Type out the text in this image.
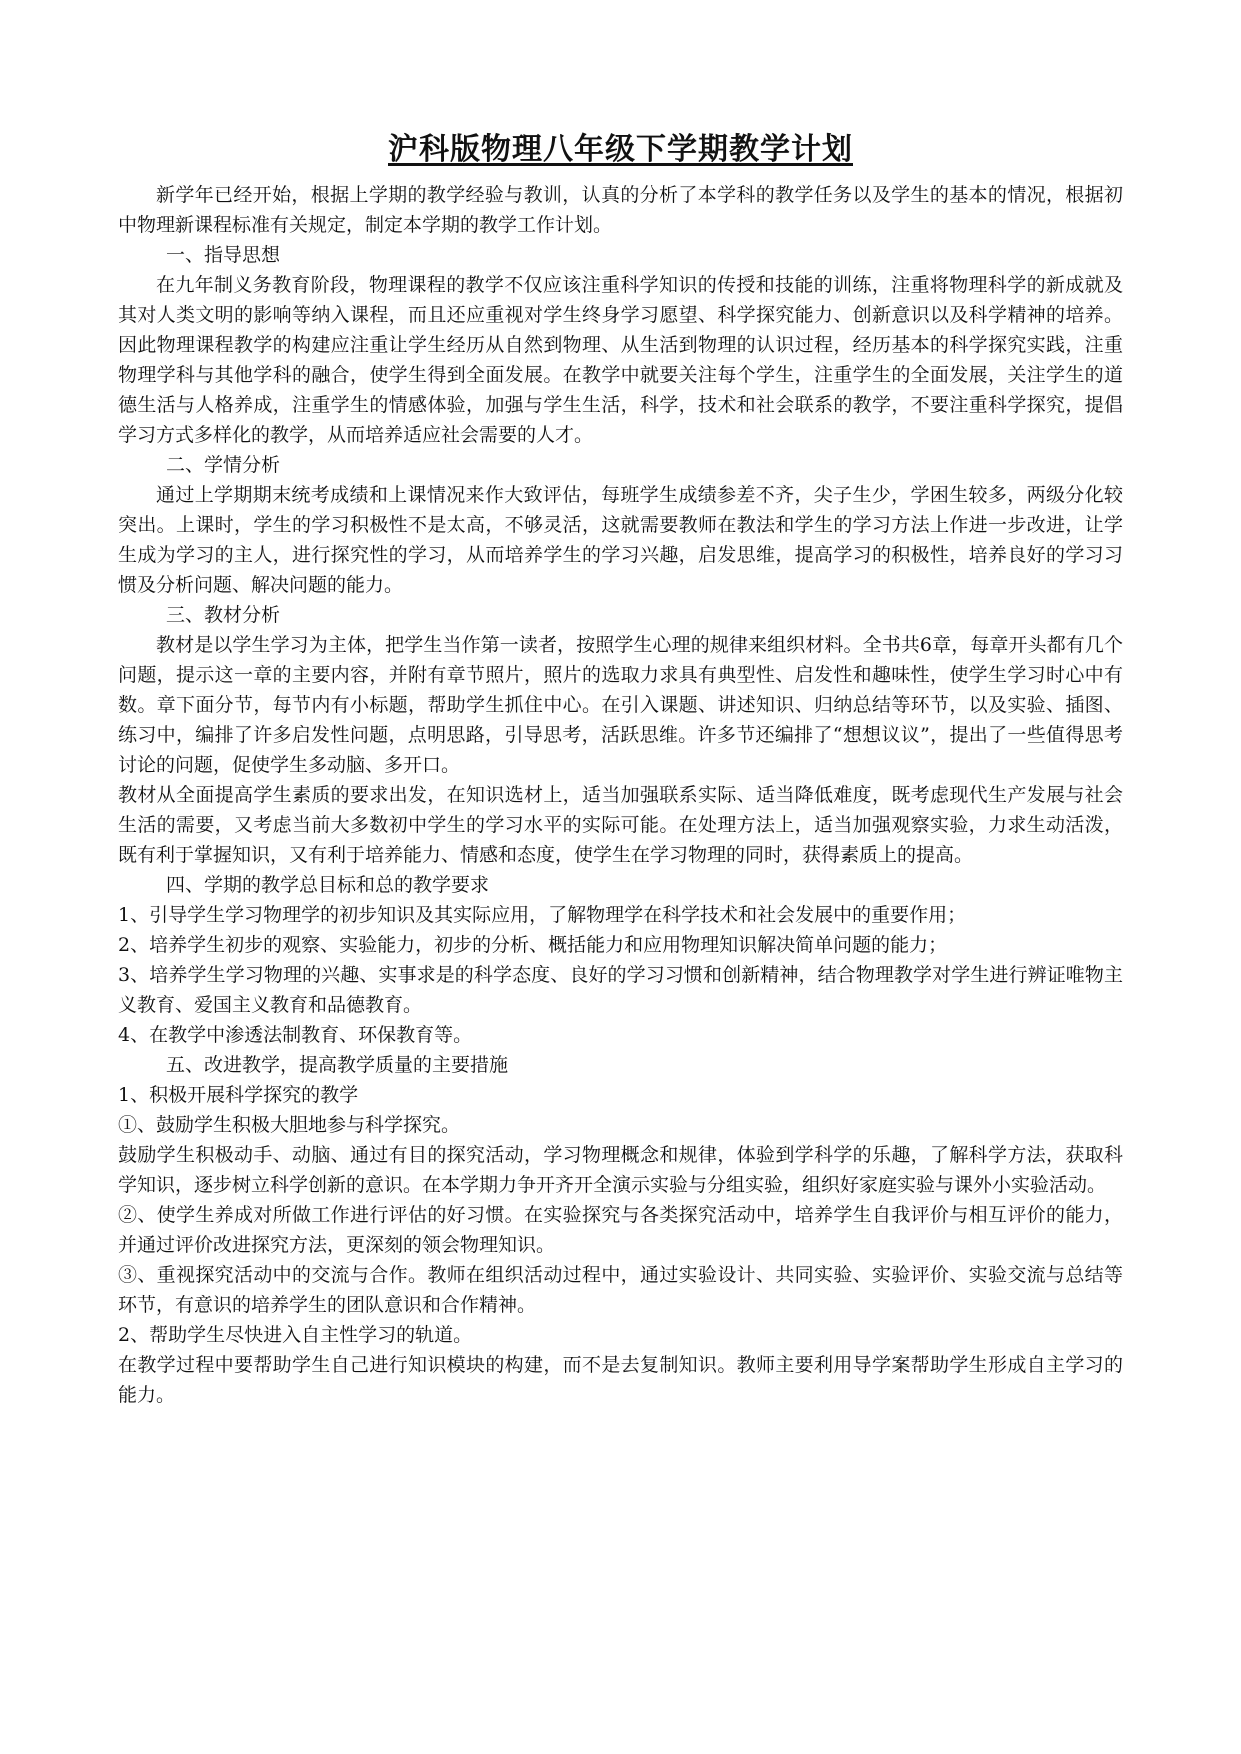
沪科版物理八年级下学期教学计划

新学年已经开始，根据上学期的教学经验与教训，认真的分析了本学科的教学任务以及学生的基本的情况，根据初中物理新课程标准有关规定，制定本学期的教学工作计划。

一、指导思想

在九年制义务教育阶段，物理课程的教学不仅应该注重科学知识的传授和技能的训练，注重将物理科学的新成就及其对人类文明的影响等纳入课程，而且还应重视对学生终身学习愿望、科学探究能力、创新意识以及科学精神的培养。因此物理课程教学的构建应注重让学生经历从自然到物理、从生活到物理的认识过程，经历基本的科学探究实践，注重物理学科与其他学科的融合，使学生得到全面发展。在教学中就要关注每个学生，注重学生的全面发展，关注学生的道德生活与人格养成，注重学生的情感体验，加强与学生生活，科学，技术和社会联系的教学，不要注重科学探究，提倡学习方式多样化的教学，从而培养适应社会需要的人才。

二、学情分析

通过上学期期末统考成绩和上课情况来作大致评估，每班学生成绩参差不齐，尖子生少，学困生较多，两级分化较突出。上课时，学生的学习积极性不是太高，不够灵活，这就需要教师在教法和学生的学习方法上作进一步改进，让学生成为学习的主人，进行探究性的学习，从而培养学生的学习兴趣，启发思维，提高学习的积极性，培养良好的学习习惯及分析问题、解决问题的能力。

三、教材分析

教材是以学生学习为主体，把学生当作第一读者，按照学生心理的规律来组织材料。全书共6章，每章开头都有几个问题，提示这一章的主要内容，并附有章节照片，照片的选取力求具有典型性、启发性和趣味性，使学生学习时心中有数。章下面分节，每节内有小标题，帮助学生抓住中心。在引入课题、讲述知识、归纳总结等环节，以及实验、插图、练习中，编排了许多启发性问题，点明思路，引导思考，活跃思维。许多节还编排了“想想议议”，提出了一些值得思考讨论的问题，促使学生多动脑、多开口。

教材从全面提高学生素质的要求出发，在知识选材上，适当加强联系实际、适当降低难度，既考虑现代生产发展与社会生活的需要，又考虑当前大多数初中学生的学习水平的实际可能。在处理方法上，适当加强观察实验，力求生动活泼，既有利于掌握知识，又有利于培养能力、情感和态度，使学生在学习物理的同时，获得素质上的提高。

四、学期的教学总目标和总的教学要求

1、引导学生学习物理学的初步知识及其实际应用，了解物理学在科学技术和社会发展中的重要作用；

2、培养学生初步的观察、实验能力，初步的分析、概括能力和应用物理知识解决简单问题的能力；

3、培养学生学习物理的兴趣、实事求是的科学态度、良好的学习习惯和创新精神，结合物理教学对学生进行辨证唯物主义教育、爱国主义教育和品德教育。

4、在教学中渗透法制教育、环保教育等。

五、改进教学，提高教学质量的主要措施

1、积极开展科学探究的教学

①、鼓励学生积极大胆地参与科学探究。

鼓励学生积极动手、动脑、通过有目的探究活动，学习物理概念和规律，体验到学科学的乐趣，了解科学方法，获取科学知识，逐步树立科学创新的意识。在本学期力争开齐开全演示实验与分组实验，组织好家庭实验与课外小实验活动。

②、使学生养成对所做工作进行评估的好习惯。在实验探究与各类探究活动中，培养学生自我评价与相互评价的能力，并通过评价改进探究方法，更深刻的领会物理知识。

③、重视探究活动中的交流与合作。教师在组织活动过程中，通过实验设计、共同实验、实验评价、实验交流与总结等环节，有意识的培养学生的团队意识和合作精神。

2、帮助学生尽快进入自主性学习的轨道。

在教学过程中要帮助学生自己进行知识模块的构建，而不是去复制知识。教师主要利用导学案帮助学生形成自主学习的能力。
